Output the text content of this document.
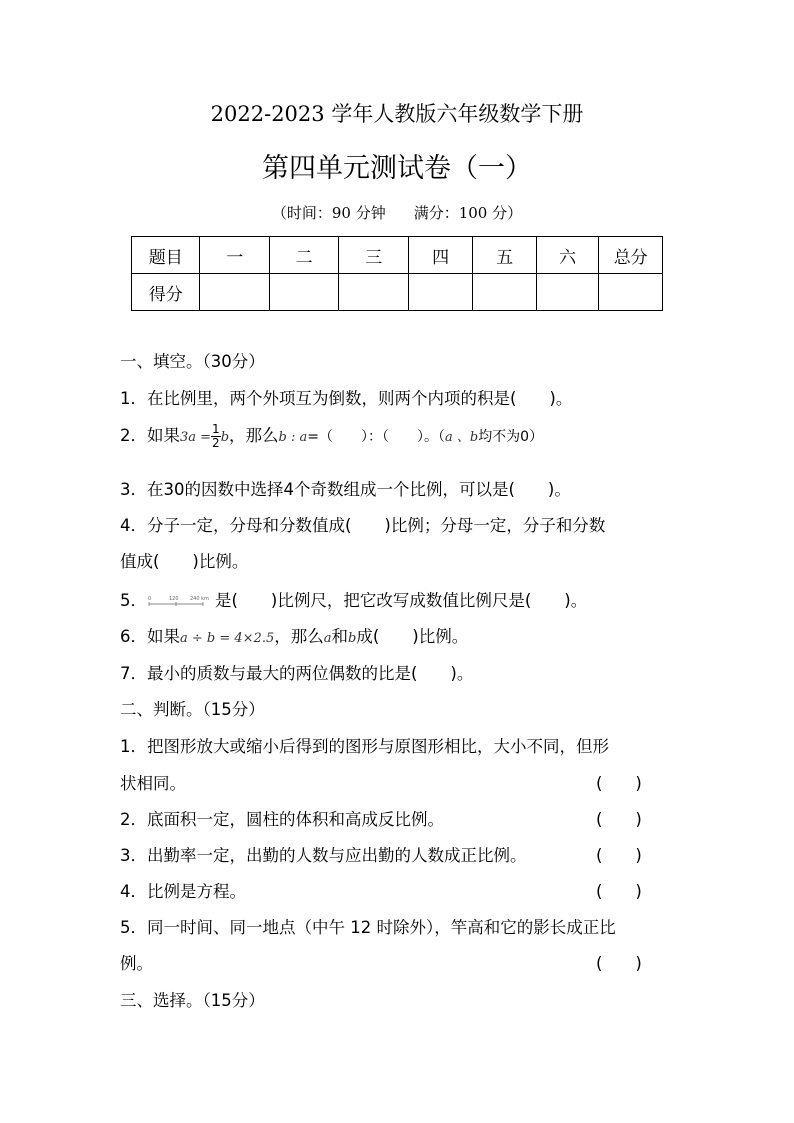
2022-2023 学年人教版六年级数学下册
第四单元测试卷（一）
（时间：90 分钟 满分：100 分）
题目	一	二	三	四	五	六	总分
得分							
一、填空。（30分）
1．在比例里，两个外项互为倒数，则两个内项的积是(　　)。
2．如果$3a = \frac{1}{2}$ b，那么b : a=（　　）：（　　）。（a 、b均不为0）
3．在30的因数中选择4个奇数组成一个比例，可以是(　　)。
4．分子一定，分母和分数值成(　　)比例；分母一定，分子和分数
值成(　　)比例。
5． 0	120 240 km 是(　　)比例尺，把它改写成数值比例尺是(　　)。
6．如果a ÷ b = 4×2.5，那么a和b成(　　)比例。
7．最小的质数与最大的两位偶数的比是(　　)。
二、判断。（15分）
1．把图形放大或缩小后得到的图形与原图形相比，大小不同，但形
状相同。	(　　)
2．底面积一定，圆柱的体积和高成反比例。	(　　)
3．出勤率一定，出勤的人数与应出勤的人数成正比例。	(　　)
4．比例是方程。	(　　)
5．同一时间、同一地点（中午 12 时除外），竿高和它的影长成正比
例。	(　　)
三、选择。（15分）
